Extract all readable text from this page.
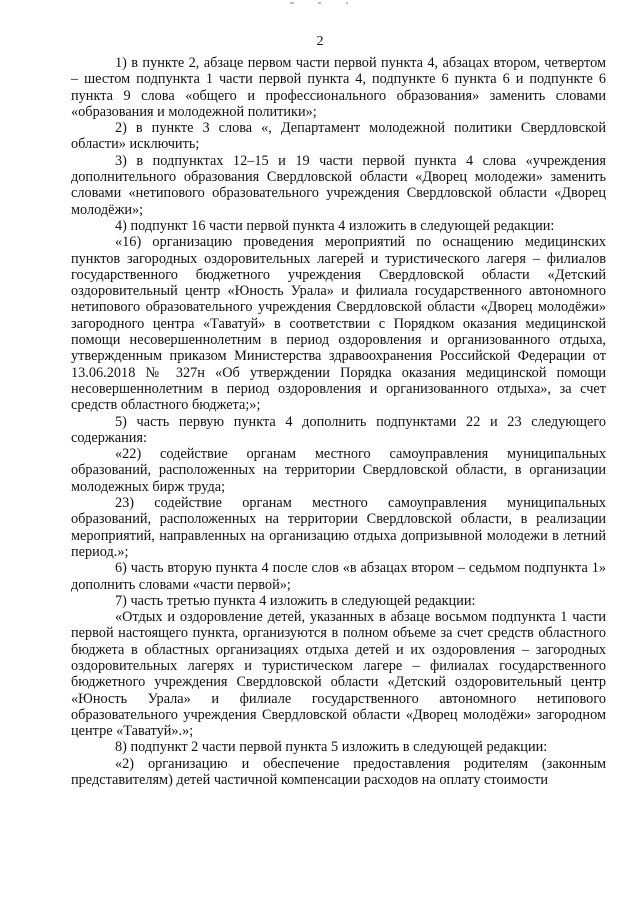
2

1) в пункте 2, абзаце первом части первой пункта 4, абзацах втором, четвертом – шестом подпункта 1 части первой пункта 4, подпункте 6 пункта 6 и подпункте 6 пункта 9 слова «общего и профессионального образования» заменить словами «образования и молодежной политики»;

2) в пункте 3 слова «, Департамент молодежной политики Свердловской области» исключить;

3) в подпунктах 12–15 и 19 части первой пункта 4 слова «учреждения дополнительного образования Свердловской области «Дворец молодежи» заменить словами «нетипового образовательного учреждения Свердловской области «Дворец молодёжи»;

4) подпункт 16 части первой пункта 4 изложить в следующей редакции:

«16) организацию проведения мероприятий по оснащению медицинских пунктов загородных оздоровительных лагерей и туристического лагеря – филиалов государственного бюджетного учреждения Свердловской области «Детский оздоровительный центр «Юность Урала» и филиала государственного автономного нетипового образовательного учреждения Свердловской области «Дворец молодёжи» загородного центра «Таватуй» в соответствии с Порядком оказания медицинской помощи несовершеннолетним в период оздоровления и организованного отдыха, утвержденным приказом Министерства здравоохранения Российской Федерации от 13.06.2018 № 327н «Об утверждении Порядка оказания медицинской помощи несовершеннолетним в период оздоровления и организованного отдыха», за счет средств областного бюджета;»;

5) часть первую пункта 4 дополнить подпунктами 22 и 23 следующего содержания:

«22) содействие органам местного самоуправления муниципальных образований, расположенных на территории Свердловской области, в организации молодежных бирж труда;

23) содействие органам местного самоуправления муниципальных образований, расположенных на территории Свердловской области, в реализации мероприятий, направленных на организацию отдыха допризывной молодежи в летний период.»;

6) часть вторую пункта 4 после слов «в абзацах втором – седьмом подпункта 1» дополнить словами «части первой»;

7) часть третью пункта 4 изложить в следующей редакции:

«Отдых и оздоровление детей, указанных в абзаце восьмом подпункта 1 части первой настоящего пункта, организуются в полном объеме за счет средств областного бюджета в областных организациях отдыха детей и их оздоровления – загородных оздоровительных лагерях и туристическом лагере – филиалах государственного бюджетного учреждения Свердловской области «Детский оздоровительный центр «Юность Урала» и филиале государственного автономного нетипового образовательного учреждения Свердловской области «Дворец молодёжи» загородном центре «Таватуй».»;

8) подпункт 2 части первой пункта 5 изложить в следующей редакции:

«2) организацию и обеспечение предоставления родителям (законным представителям) детей частичной компенсации расходов на оплату стоимости
